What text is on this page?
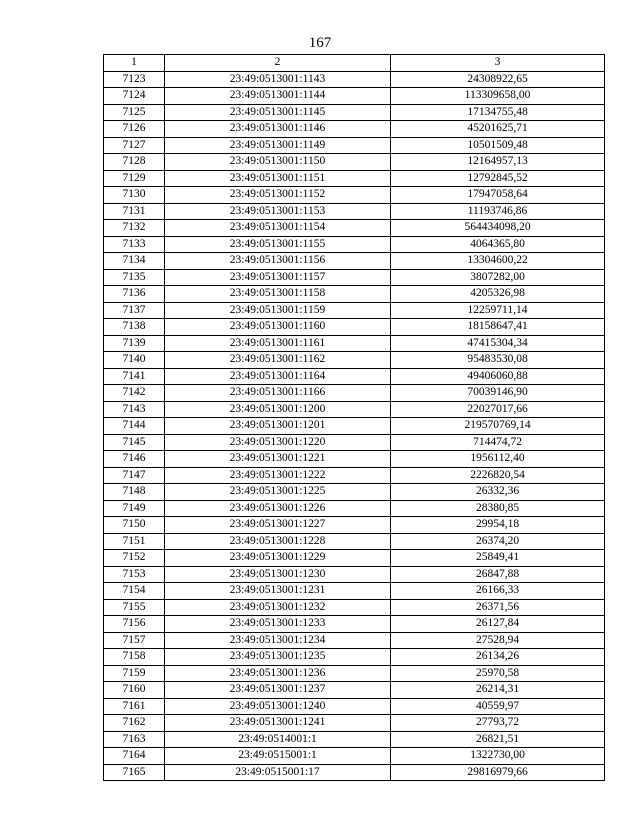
167
1	2	3
7123	23:49:0513001:1143	24308922,65
7124	23:49:0513001:1144	113309658,00
7125	23:49:0513001:1145	17134755,48
7126	23:49:0513001:1146	45201625,71
7127	23:49:0513001:1149	10501509,48
7128	23:49:0513001:1150	12164957,13
7129	23:49:0513001:1151	12792845,52
7130	23:49:0513001:1152	17947058,64
7131	23:49:0513001:1153	11193746,86
7132	23:49:0513001:1154	564434098,20
7133	23:49:0513001:1155	4064365,80
7134	23:49:0513001:1156	13304600,22
7135	23:49:0513001:1157	3807282,00
7136	23:49:0513001:1158	4205326,98
7137	23:49:0513001:1159	12259711,14
7138	23:49:0513001:1160	18158647,41
7139	23:49:0513001:1161	47415304,34
7140	23:49:0513001:1162	95483530,08
7141	23:49:0513001:1164	49406060,88
7142	23:49:0513001:1166	70039146,90
7143	23:49:0513001:1200	22027017,66
7144	23:49:0513001:1201	219570769,14
7145	23:49:0513001:1220	714474,72
7146	23:49:0513001:1221	1956112,40
7147	23:49:0513001:1222	2226820,54
7148	23:49:0513001:1225	26332,36
7149	23:49:0513001:1226	28380,85
7150	23:49:0513001:1227	29954,18
7151	23:49:0513001:1228	26374,20
7152	23:49:0513001:1229	25849,41
7153	23:49:0513001:1230	26847,88
7154	23:49:0513001:1231	26166,33
7155	23:49:0513001:1232	26371,56
7156	23:49:0513001:1233	26127,84
7157	23:49:0513001:1234	27528,94
7158	23:49:0513001:1235	26134,26
7159	23:49:0513001:1236	25970,58
7160	23:49:0513001:1237	26214,31
7161	23:49:0513001:1240	40559,97
7162	23:49:0513001:1241	27793,72
7163	23:49:0514001:1	26821,51
7164	23:49:0515001:1	1322730,00
7165	23:49:0515001:17	29816979,66
